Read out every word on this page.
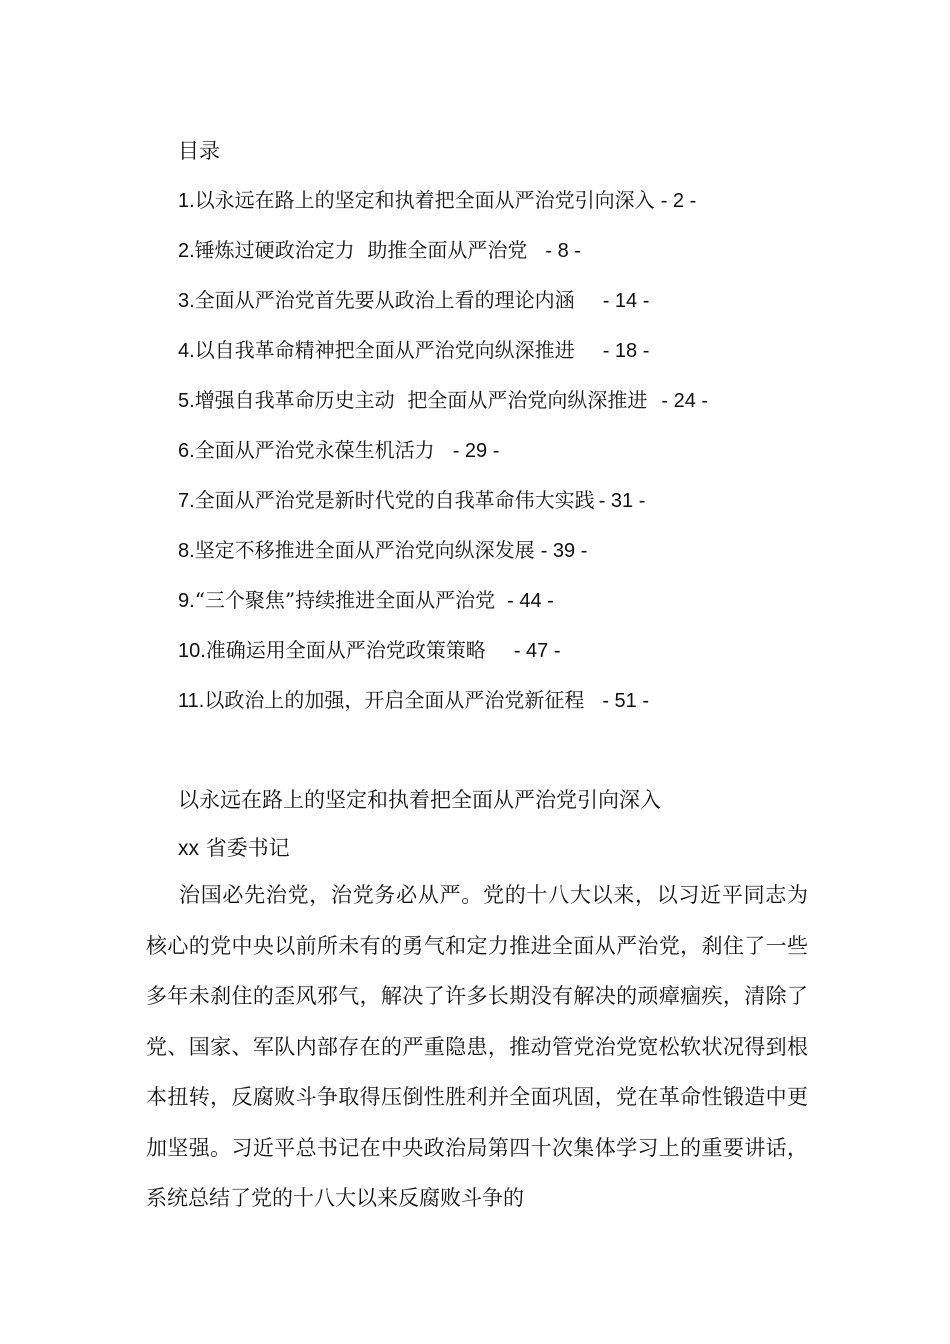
目录
1.以永远在路上的坚定和执着把全面从严治党引向深入 - 2 -
2.锤炼过硬政治定力  助推全面从严治党 - 8 -
3.全面从严治党首先要从政治上看的理论内涵 - 14 -
4.以自我革命精神把全面从严治党向纵深推进 - 18 -
5.增强自我革命历史主动  把全面从严治党向纵深推进 - 24 -
6.全面从严治党永葆生机活力 - 29 -
7.全面从严治党是新时代党的自我革命伟大实践 - 31 -
8.坚定不移推进全面从严治党向纵深发展 - 39 -
9.“三个聚焦”持续推进全面从严治党 - 44 -
10.准确运用全面从严治党政策策略 - 47 -
11.以政治上的加强，开启全面从严治党新征程 - 51 -
以永远在路上的坚定和执着把全面从严治党引向深入
xx 省委书记

治国必先治党，治党务必从严。党的十八大以来，以习近平同志为核心的党中央以前所未有的勇气和定力推进全面从严治党，刹住了一些多年未刹住的歪风邪气，解决了许多长期没有解决的顽瘴痼疾，清除了党、国家、军队内部存在的严重隐患，推动管党治党宽松软状况得到根本扭转，反腐败斗争取得压倒性胜利并全面巩固，党在革命性锻造中更加坚强。习近平总书记在中央政治局第四十次集体学习上的重要讲话，系统总结了党的十八大以来反腐败斗争的
